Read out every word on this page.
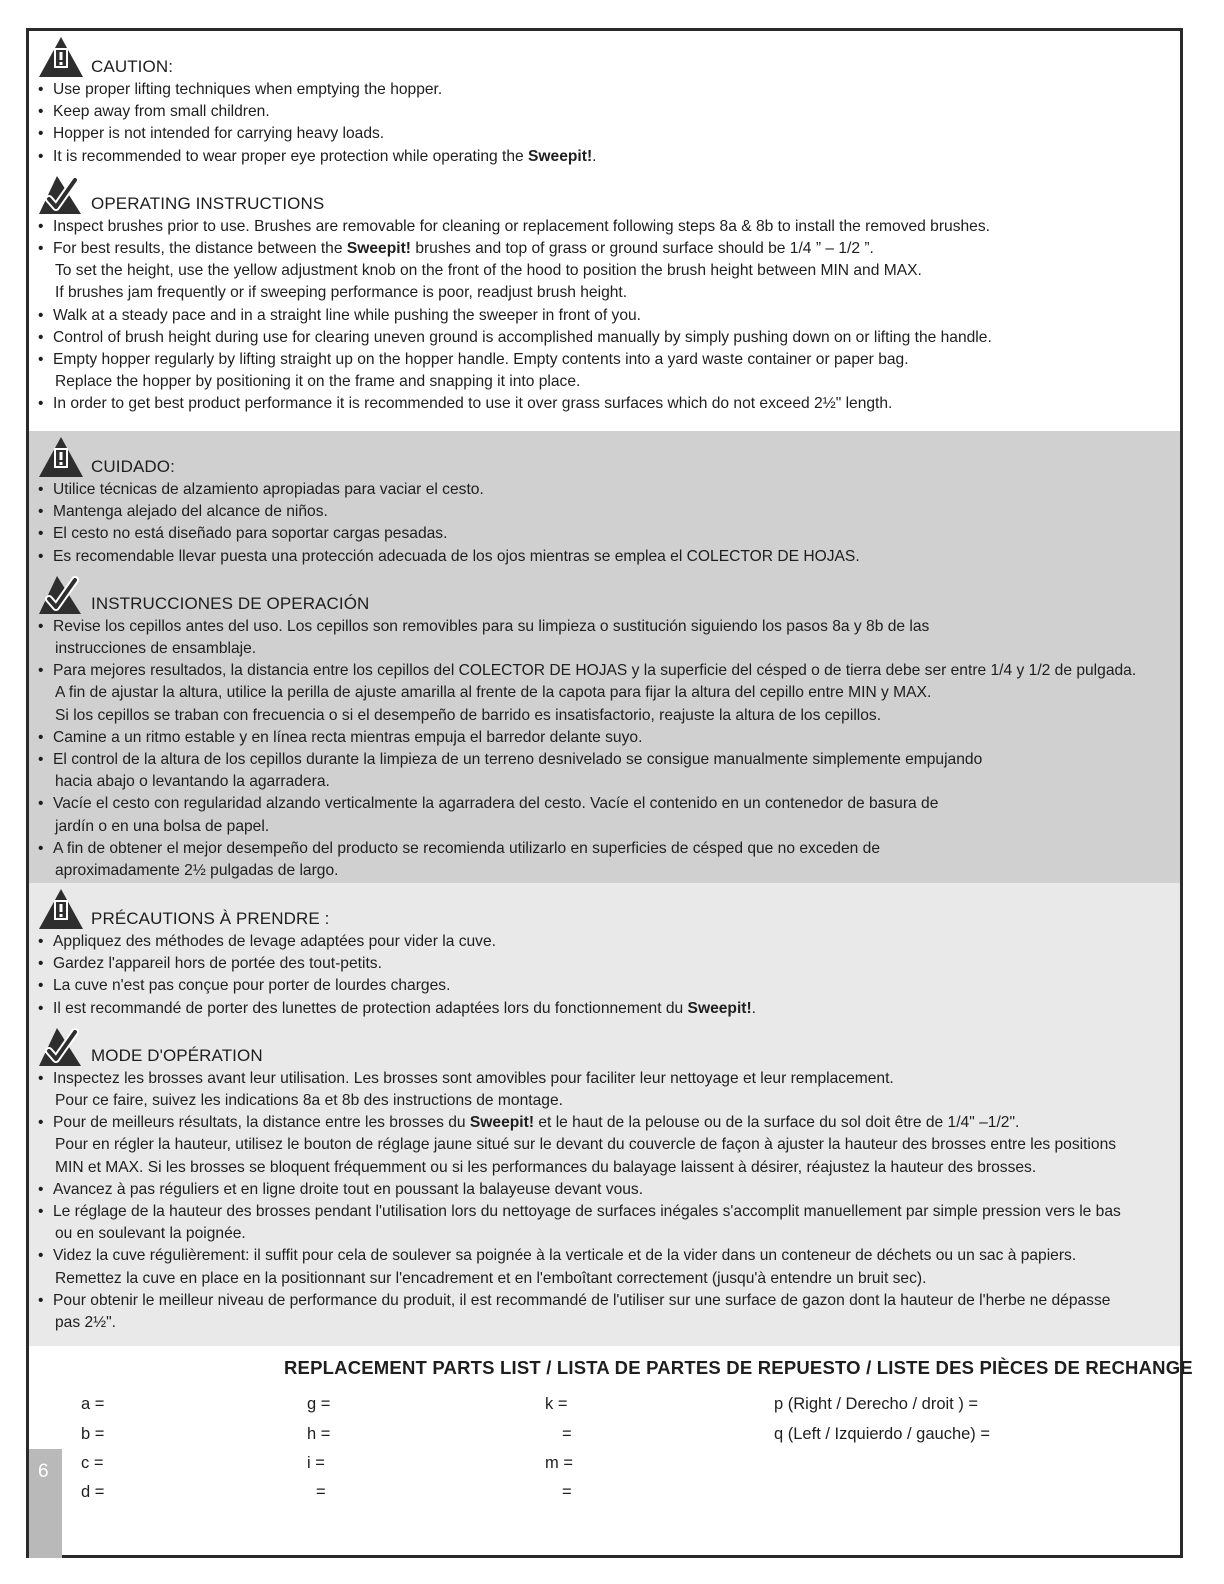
CAUTION:
• Use proper lifting techniques when emptying the hopper.
• Keep away from small children.
• Hopper is not intended for carrying heavy loads.
• It is recommended to wear proper eye protection while operating the Sweepit!.
OPERATING INSTRUCTIONS
• Inspect brushes prior to use. Brushes are removable for cleaning or replacement following steps 8a & 8b to install the removed brushes.
• For best results, the distance between the Sweepit! brushes and top of grass or ground surface should be 1/4 ” – 1/2 ”.
To set the height, use the yellow adjustment knob on the front of the hood to position the brush height between MIN and MAX.
If brushes jam frequently or if sweeping performance is poor, readjust brush height.
• Walk at a steady pace and in a straight line while pushing the sweeper in front of you.
• Control of brush height during use for clearing uneven ground is accomplished manually by simply pushing down on or lifting the handle.
• Empty hopper regularly by lifting straight up on the hopper handle. Empty contents into a yard waste container or paper bag.
Replace the hopper by positioning it on the frame and snapping it into place.
• In order to get best product performance it is recommended to use it over grass surfaces which do not exceed 2½" length.
CUIDADO:
• Utilice técnicas de alzamiento apropiadas para vaciar el cesto.
• Mantenga alejado del alcance de niños.
• El cesto no está diseñado para soportar cargas pesadas.
• Es recomendable llevar puesta una protección adecuada de los ojos mientras se emplea el COLECTOR DE HOJAS.
INSTRUCCIONES DE OPERACIÓN
• Revise los cepillos antes del uso. Los cepillos son removibles para su limpieza o sustitución siguiendo los pasos 8a y 8b de las
instrucciones de ensamblaje.
• Para mejores resultados, la distancia entre los cepillos del COLECTOR DE HOJAS y la superficie del césped o de tierra debe ser entre 1/4 y 1/2 de pulgada.
A fin de ajustar la altura, utilice la perilla de ajuste amarilla al frente de la capota para fijar la altura del cepillo entre MIN y MAX.
Si los cepillos se traban con frecuencia o si el desempeño de barrido es insatisfactorio, reajuste la altura de los cepillos.
• Camine a un ritmo estable y en línea recta mientras empuja el barredor delante suyo.
• El control de la altura de los cepillos durante la limpieza de un terreno desnivelado se consigue manualmente simplemente empujando
hacia abajo o levantando la agarradera.
• Vacíe el cesto con regularidad alzando verticalmente la agarradera del cesto. Vacíe el contenido en un contenedor de basura de
jardín o en una bolsa de papel.
• A fin de obtener el mejor desempeño del producto se recomienda utilizarlo en superficies de césped que no exceden de
aproximadamente 2½ pulgadas de largo.
PRÉCAUTIONS À PRENDRE :
• Appliquez des méthodes de levage adaptées pour vider la cuve.
• Gardez l'appareil hors de portée des tout-petits.
• La cuve n'est pas conçue pour porter de lourdes charges.
• Il est recommandé de porter des lunettes de protection adaptées lors du fonctionnement du Sweepit!.
MODE D'OPÉRATION
• Inspectez les brosses avant leur utilisation. Les brosses sont amovibles pour faciliter leur nettoyage et leur remplacement.
Pour ce faire, suivez les indications 8a et 8b des instructions de montage.
• Pour de meilleurs résultats, la distance entre les brosses du Sweepit! et le haut de la pelouse ou de la surface du sol doit être de 1/4" –1/2".
Pour en régler la hauteur, utilisez le bouton de réglage jaune situé sur le devant du couvercle de façon à ajuster la hauteur des brosses entre les positions
MIN et MAX. Si les brosses se bloquent fréquemment ou si les performances du balayage laissent à désirer, réajustez la hauteur des brosses.
• Avancez à pas réguliers et en ligne droite tout en poussant la balayeuse devant vous.
• Le réglage de la hauteur des brosses pendant l'utilisation lors du nettoyage de surfaces inégales s'accomplit manuellement par simple pression vers le bas
ou en soulevant la poignée.
• Videz la cuve régulièrement: il suffit pour cela de soulever sa poignée à la verticale et de la vider dans un conteneur de déchets ou un sac à papiers.
Remettez la cuve en place en la positionnant sur l'encadrement et en l'emboîtant correctement (jusqu'à entendre un bruit sec).
• Pour obtenir le meilleur niveau de performance du produit, il est recommandé de l'utiliser sur une surface de gazon dont la hauteur de l'herbe ne dépasse
pas 2½".
REPLACEMENT PARTS LIST / LISTA DE PARTES DE REPUESTO / LISTE DES PIÈCES DE RECHANGE
a =
b =
c =
d =
g =
h =
i =
=
k =
=
m =
=
p (Right / Derecho / droit ) =
q (Left / Izquierdo / gauche) =
6
